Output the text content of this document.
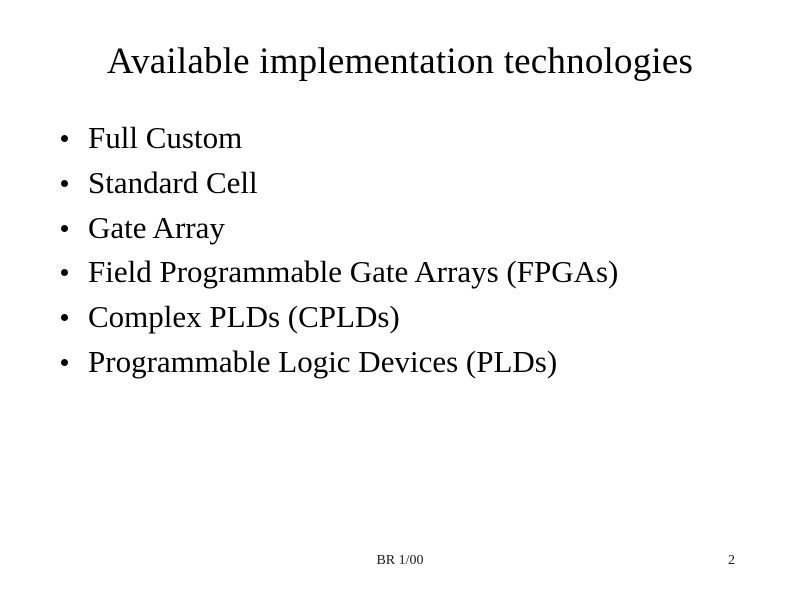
Available implementation technologies
Full Custom
Standard Cell
Gate Array
Field Programmable Gate Arrays (FPGAs)
Complex PLDs (CPLDs)
Programmable Logic Devices (PLDs)
BR 1/00	2
